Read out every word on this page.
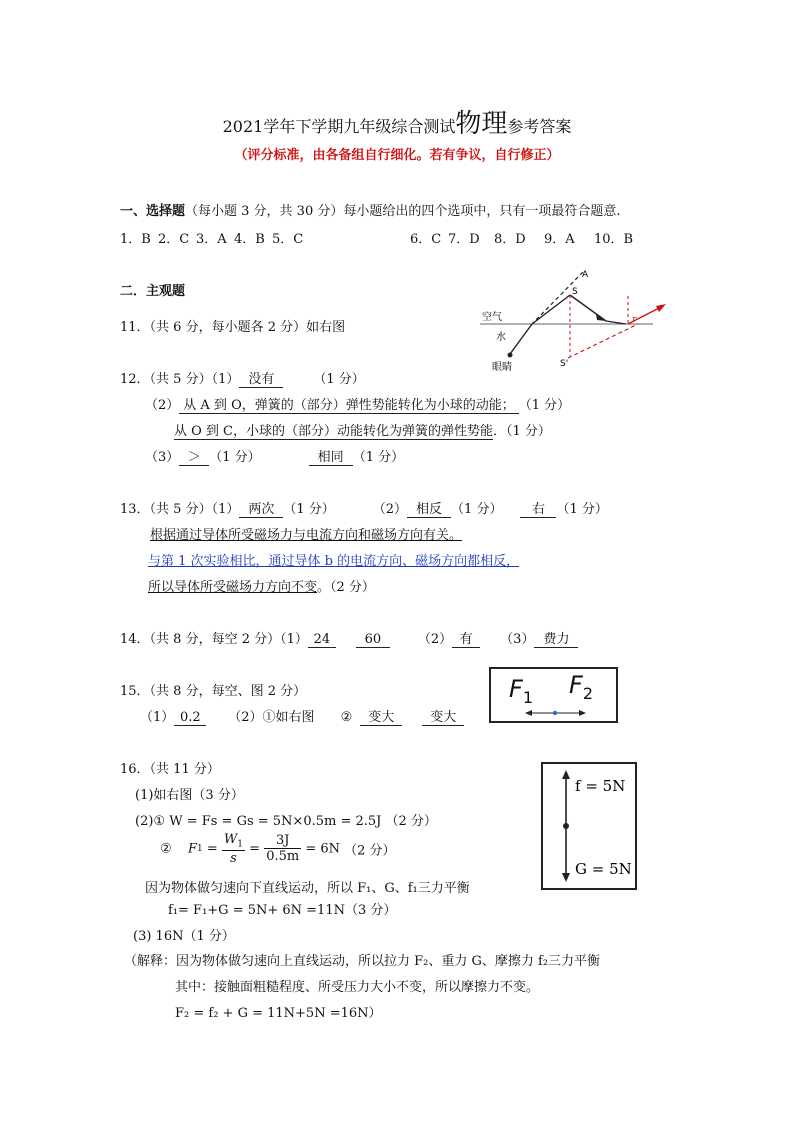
2021学年下学期九年级综合测试物理参考答案
（评分标准，由各备组自行细化。若有争议，自行修正）
一、选择题（每小题 3 分，共 30 分）每小题给出的四个选项中，只有一项最符合题意.
1．B 2．C 3．A 4．B 5．C	6．C 7．D 8．D 9．A 10．B
二．主观题
11．（共 6 分，每小题各 2 分）如右图
A
S
S'
空气
水
眼睛
r
12．（共 5 分）（1） 没有	（1 分）
（2） 从 A 到 O，弹簧的（部分）弹性势能转化为小球的动能； （1 分）
从 O 到 C，小球的（部分）动能转化为弹簧的弹性势能．（1 分）
（3） ＞ （1 分）	相同 （1 分）
13．（共 5 分）（1） 两次 （1 分）	（2） 相反 （1 分） 右 （1 分）
根据通过导体所受磁场力与电流方向和磁场方向有关。
与第 1 次实验相比，通过导体 b 的电流方向、磁场方向都相反，
所以导体所受磁场力方向不变。（2 分）
14．（共 8 分，每空 2 分）（1） 24	60	（2） 有 （3） 费力
15．（共 8 分，每空、图 2 分）
（1） 0.2 （2）①如右图 ② 变大	变大
$F_1$ $F_2$
16．（共 11 分）
(1)如右图（3 分）
(2)① W = Fs = Gs = 5N×0.5m = 2.5J （2 分）
② $F1 = \frac{W_1}{s} = \frac{3J}{0.5m} = 6N$ （2 分）
因为物体做匀速向下直线运动，所以 F₁、G、f₁三力平衡
f₁= F₁+G = 5N+ 6N =11N（3 分）
(3) 16N（1 分）
（解释：因为物体做匀速向上直线运动，所以拉力 F₂、重力 G、摩擦力 f₂三力平衡
其中：接触面粗糙程度、所受压力大小不变，所以摩擦力不变。
F₂ = f₂ + G = 11N+5N =16N）
f = 5N
G = 5N
